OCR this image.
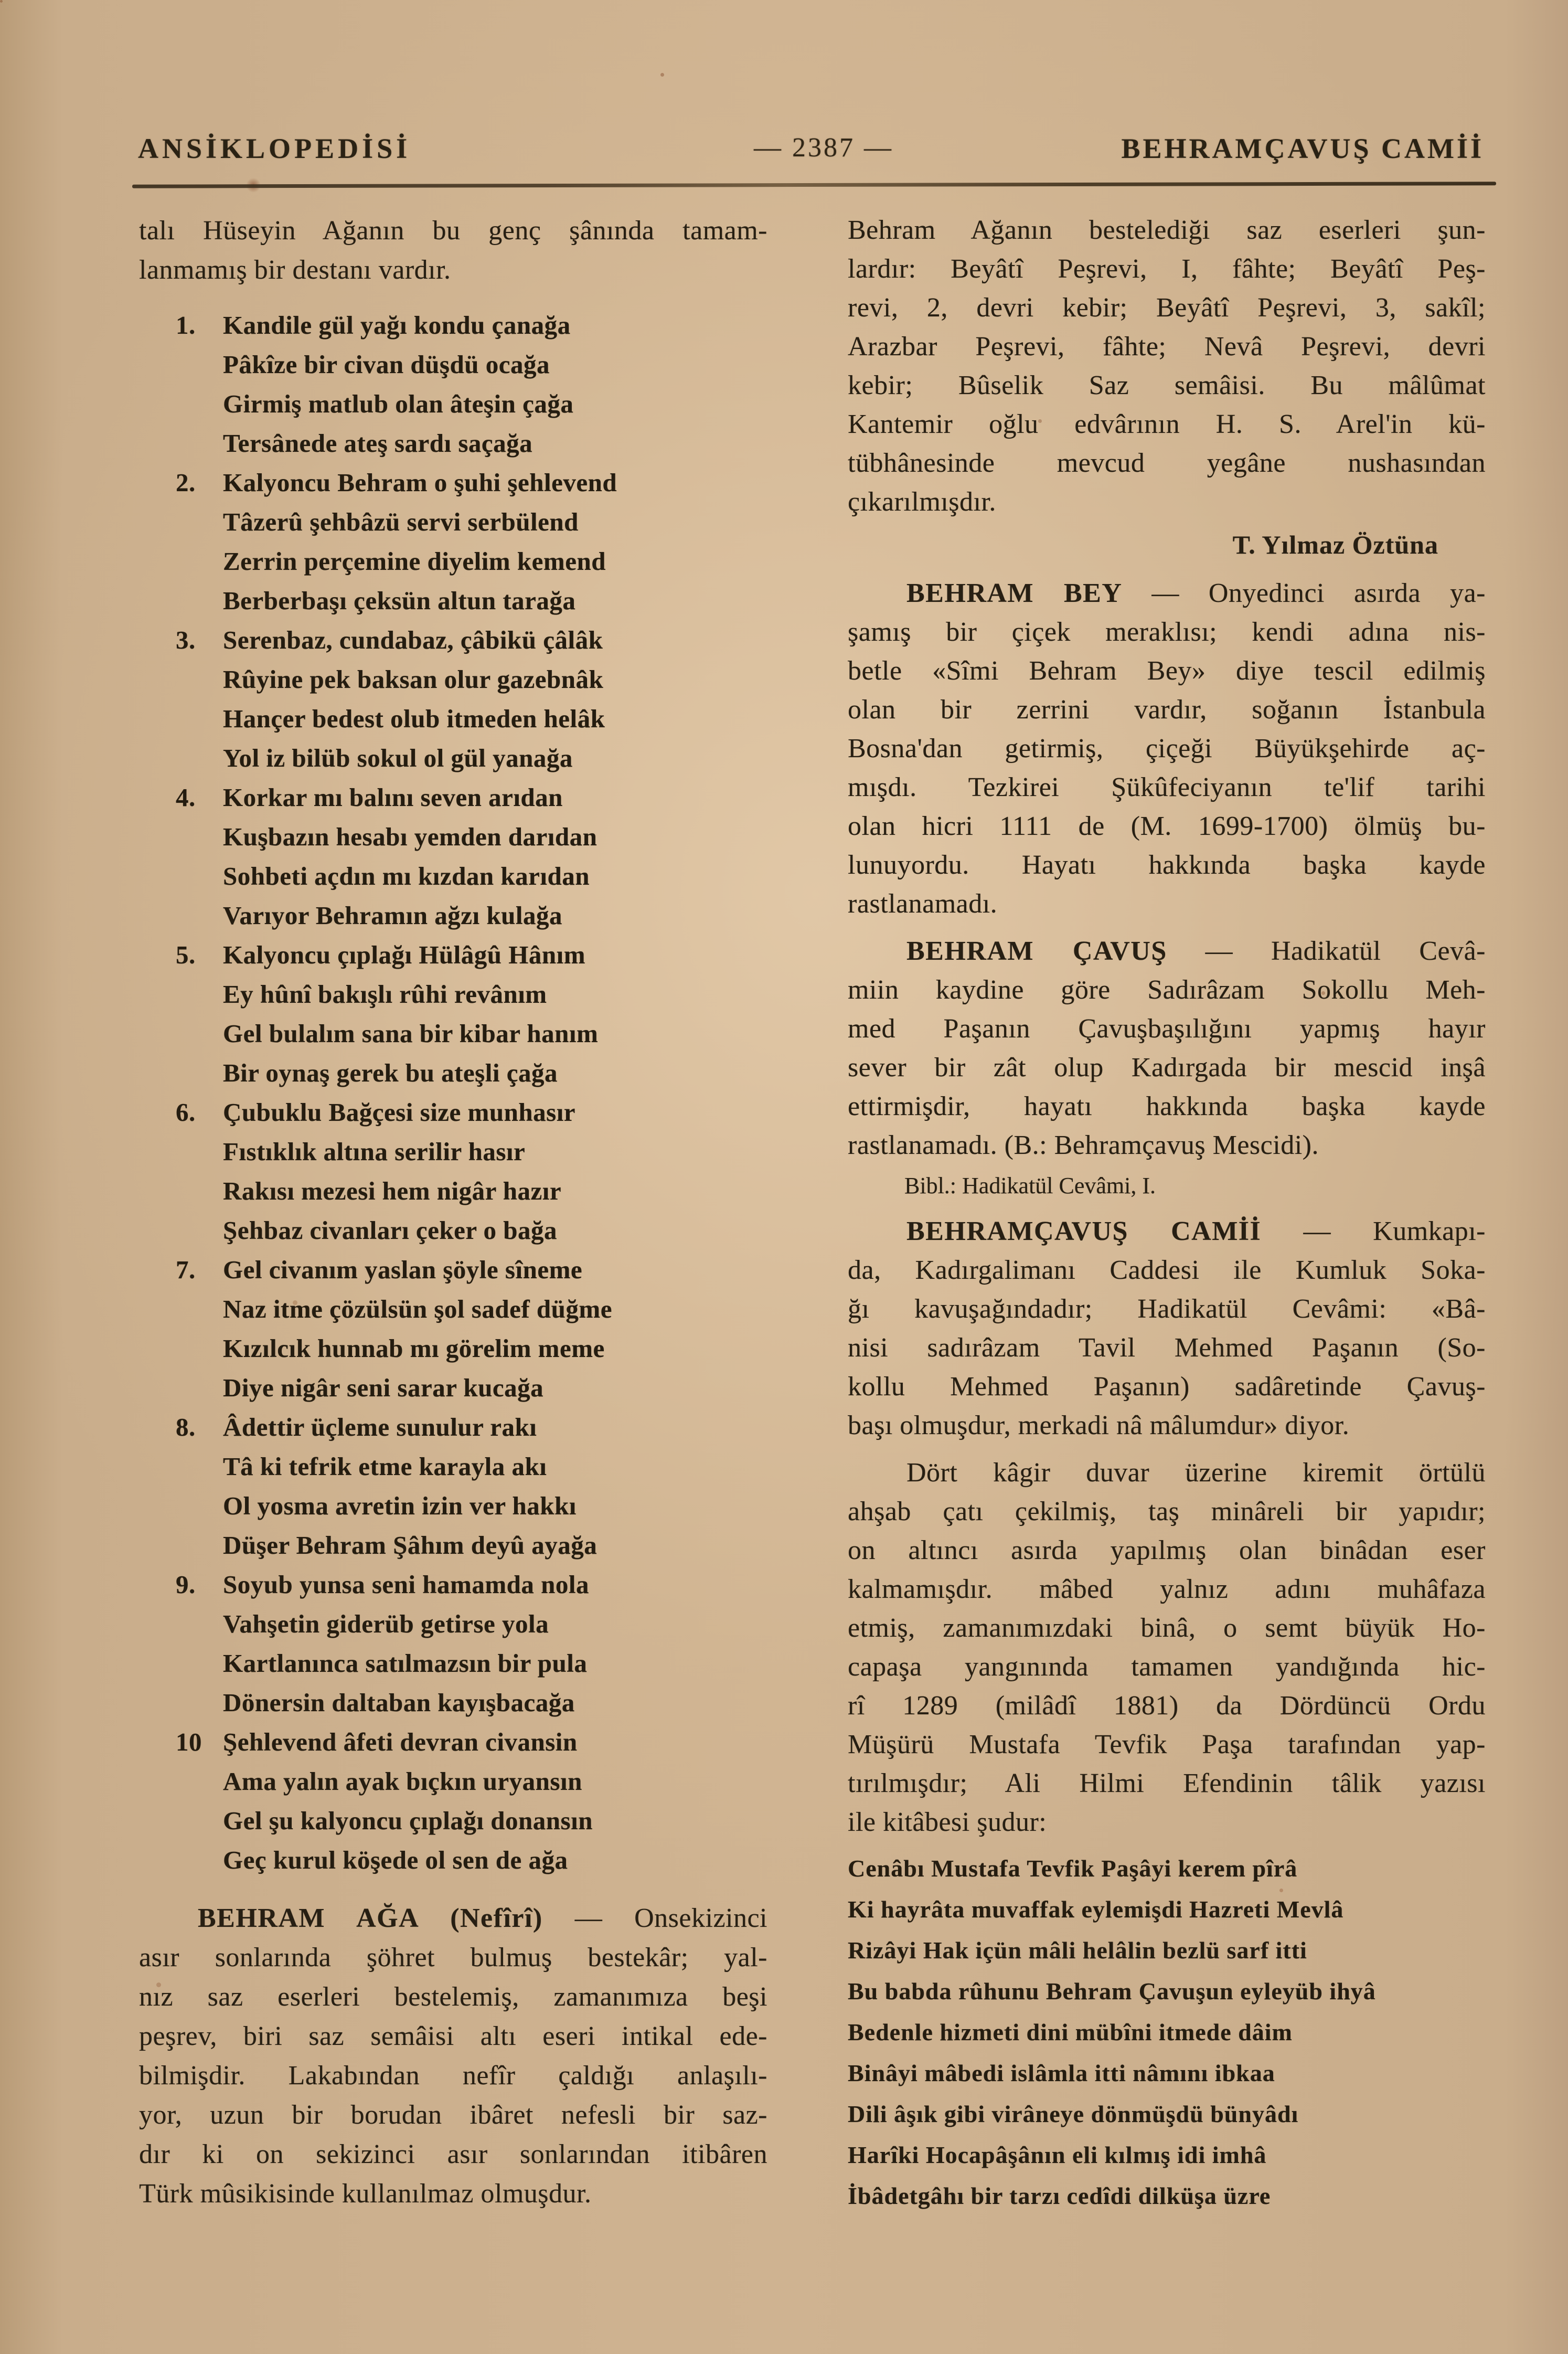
ANSİKLOPEDİSİ	— 2387 —	BEHRAMÇAVUŞ CAMİİ
talı Hüseyin Ağanın bu genç şânında tamam-
lanmamış bir destanı vardır.
1. Kandile gül yağı kondu çanağa
Pâkîze bir civan düşdü ocağa
Girmiş matlub olan âteşin çağa
Tersânede ateş sardı saçağa
2. Kalyoncu Behram o şuhi şehlevend
Tâzerû şehbâzü servi serbülend
Zerrin perçemine diyelim kemend
Berberbaşı çeksün altun tarağa
3. Serenbaz, cundabaz, çâbikü çâlâk
Rûyine pek baksan olur gazebnâk
Hançer bedest olub itmeden helâk
Yol iz bilüb sokul ol gül yanağa
4. Korkar mı balını seven arıdan
Kuşbazın hesabı yemden darıdan
Sohbeti açdın mı kızdan karıdan
Varıyor Behramın ağzı kulağa
5. Kalyoncu çıplağı Hülâgû Hânım
Ey hûnî bakışlı rûhi revânım
Gel bulalım sana bir kibar hanım
Bir oynaş gerek bu ateşli çağa
6. Çubuklu Bağçesi size munhasır
Fıstıklık altına serilir hasır
Rakısı mezesi hem nigâr hazır
Şehbaz civanları çeker o bağa
7. Gel civanım yaslan şöyle sîneme
Naz itme çözülsün şol sadef düğme
Kızılcık hunnab mı görelim meme
Diye nigâr seni sarar kucağa
8. Âdettir üçleme sunulur rakı
Tâ ki tefrik etme karayla akı
Ol yosma avretin izin ver hakkı
Düşer Behram Şâhım deyû ayağa
9. Soyub yunsa seni hamamda nola
Vahşetin giderüb getirse yola
Kartlanınca satılmazsın bir pula
Dönersin daltaban kayışbacağa
10 Şehlevend âfeti devran civansin
Ama yalın ayak bıçkın uryansın
Gel şu kalyoncu çıplağı donansın
Geç kurul köşede ol sen de ağa
BEHRAM AĞA (Nefîrî) — Onsekizinci
asır sonlarında şöhret bulmuş bestekâr; yal-
nız saz eserleri bestelemiş, zamanımıza beşi
peşrev, biri saz semâisi altı eseri intikal ede-
bilmişdir. Lakabından nefîr çaldığı anlaşılı-
yor, uzun bir borudan ibâret nefesli bir saz-
dır ki on sekizinci asır sonlarından itibâren
Türk mûsikisinde kullanılmaz olmuşdur.
Behram Ağanın bestelediği saz eserleri şun-
lardır: Beyâtî Peşrevi, I, fâhte; Beyâtî Peş-
revi, 2, devri kebir; Beyâtî Peşrevi, 3, sakîl;
Arazbar Peşrevi, fâhte; Nevâ Peşrevi, devri
kebir; Bûselik Saz semâisi. Bu mâlûmat
Kantemir oğlu edvârının H. S. Arel'in kü-
tübhânesinde mevcud yegâne nushasından
çıkarılmışdır.
T. Yılmaz Öztüna
BEHRAM BEY — Onyedinci asırda ya-
şamış bir çiçek meraklısı; kendi adına nis-
betle «Sîmi Behram Bey» diye tescil edilmiş
olan bir zerrini vardır, soğanın İstanbula
Bosna'dan getirmiş, çiçeği Büyükşehirde aç-
mışdı. Tezkirei Şükûfeciyanın te'lif tarihi
olan hicri 1111 de (M. 1699-1700) ölmüş bu-
lunuyordu. Hayatı hakkında başka kayde
rastlanamadı.
BEHRAM ÇAVUŞ — Hadikatül Cevâ-
miin kaydine göre Sadırâzam Sokollu Meh-
med Paşanın Çavuşbaşılığını yapmış hayır
sever bir zât olup Kadırgada bir mescid inşâ
ettirmişdir, hayatı hakkında başka kayde
rastlanamadı. (B.: Behramçavuş Mescidi).
Bibl.: Hadikatül Cevâmi, I.
BEHRAMÇAVUŞ CAMİİ — Kumkapı-
da, Kadırgalimanı Caddesi ile Kumluk Soka-
ğı kavuşağındadır; Hadikatül Cevâmi: «Bâ-
nisi sadırâzam Tavil Mehmed Paşanın (So-
kollu Mehmed Paşanın) sadâretinde Çavuş-
başı olmuşdur, merkadi nâ mâlumdur» diyor.
Dört kâgir duvar üzerine kiremit örtülü
ahşab çatı çekilmiş, taş minâreli bir yapıdır;
on altıncı asırda yapılmış olan binâdan eser
kalmamışdır. mâbed yalnız adını muhâfaza
etmiş, zamanımızdaki binâ, o semt büyük Ho-
capaşa yangınında tamamen yandığında hic-
rî 1289 (milâdî 1881) da Dördüncü Ordu
Müşürü Mustafa Tevfik Paşa tarafından yap-
tırılmışdır; Ali Hilmi Efendinin tâlik yazısı
ile kitâbesi şudur:
Cenâbı Mustafa Tevfik Paşâyi kerem pîrâ
Ki hayrâta muvaffak eylemişdi Hazreti Mevlâ
Rizâyi Hak içün mâli helâlin bezlü sarf itti
Bu babda rûhunu Behram Çavuşun eyleyüb ihyâ
Bedenle hizmeti dini mübîni itmede dâim
Binâyi mâbedi islâmla itti nâmını ibkaa
Dili âşık gibi virâneye dönmüşdü bünyâdı
Harîki Hocapâşânın eli kılmış idi imhâ
İbâdetgâhı bir tarzı cedîdi dilküşa üzre
